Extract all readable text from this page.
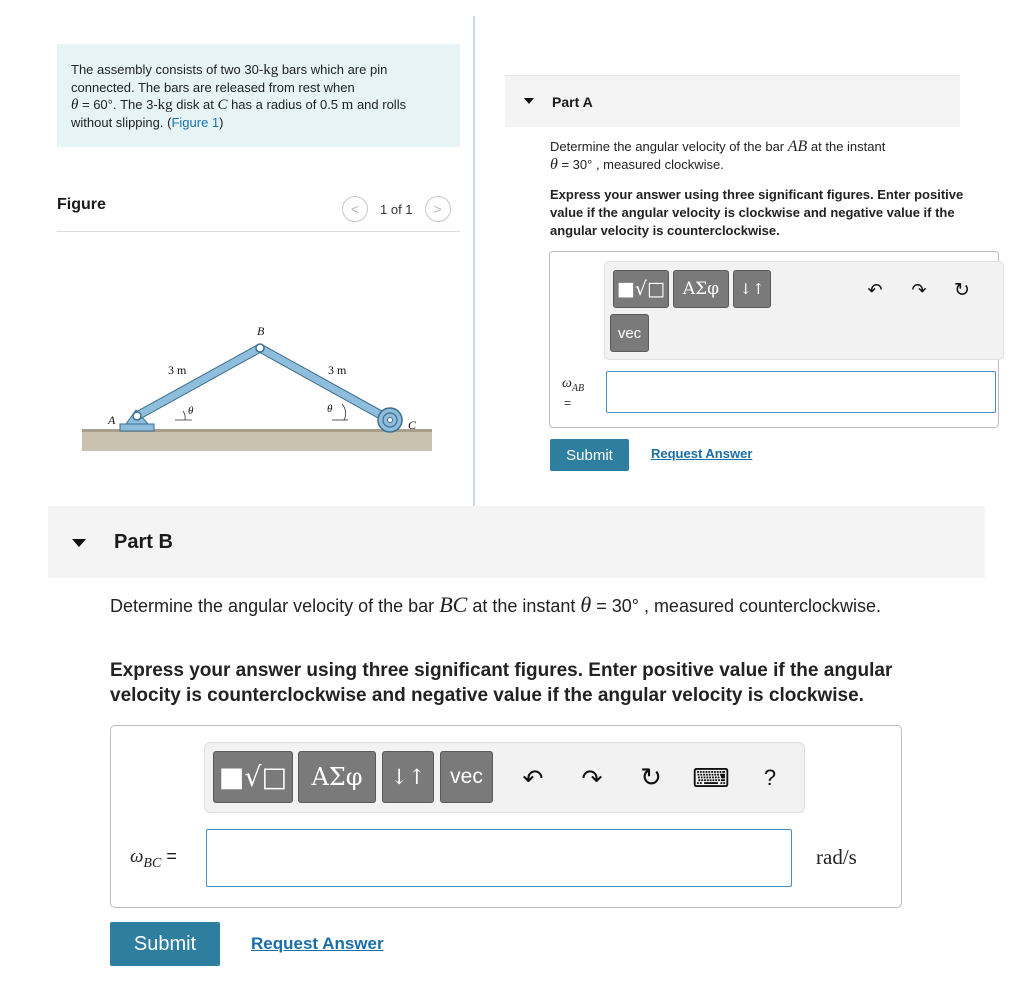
The assembly consists of two 30-kg bars which are pin connected. The bars are released from rest when
θ = 60°. The 3-kg disk at C has a radius of 0.5 m and rolls without slipping. (Figure 1)
Figure	< 1 of 1 >
A
B
C
3 m	3 m
θ	θ
Part A
Determine the angular velocity of the bar AB at the instant
θ = 30° , measured clockwise.
Express your answer using three significant figures. Enter positive value if the angular velocity is clockwise and negative value if the angular velocity is counterclockwise.
■√□ ΑΣφ ↓↑	↶ ↷ ↻
vec
$\omega_{AB}$
=
Submit	Request Answer
Part B
Determine the angular velocity of the bar BC at the instant θ = 30° , measured counterclockwise.
Express your answer using three significant figures. Enter positive value if the angular velocity is counterclockwise and negative value if the angular velocity is clockwise.
■√□ ΑΣφ ↓↑ vec ↶ ↷ ↻ ⌨ ?
$\omega_{BC}$ =	rad/s
Submit	Request Answer
